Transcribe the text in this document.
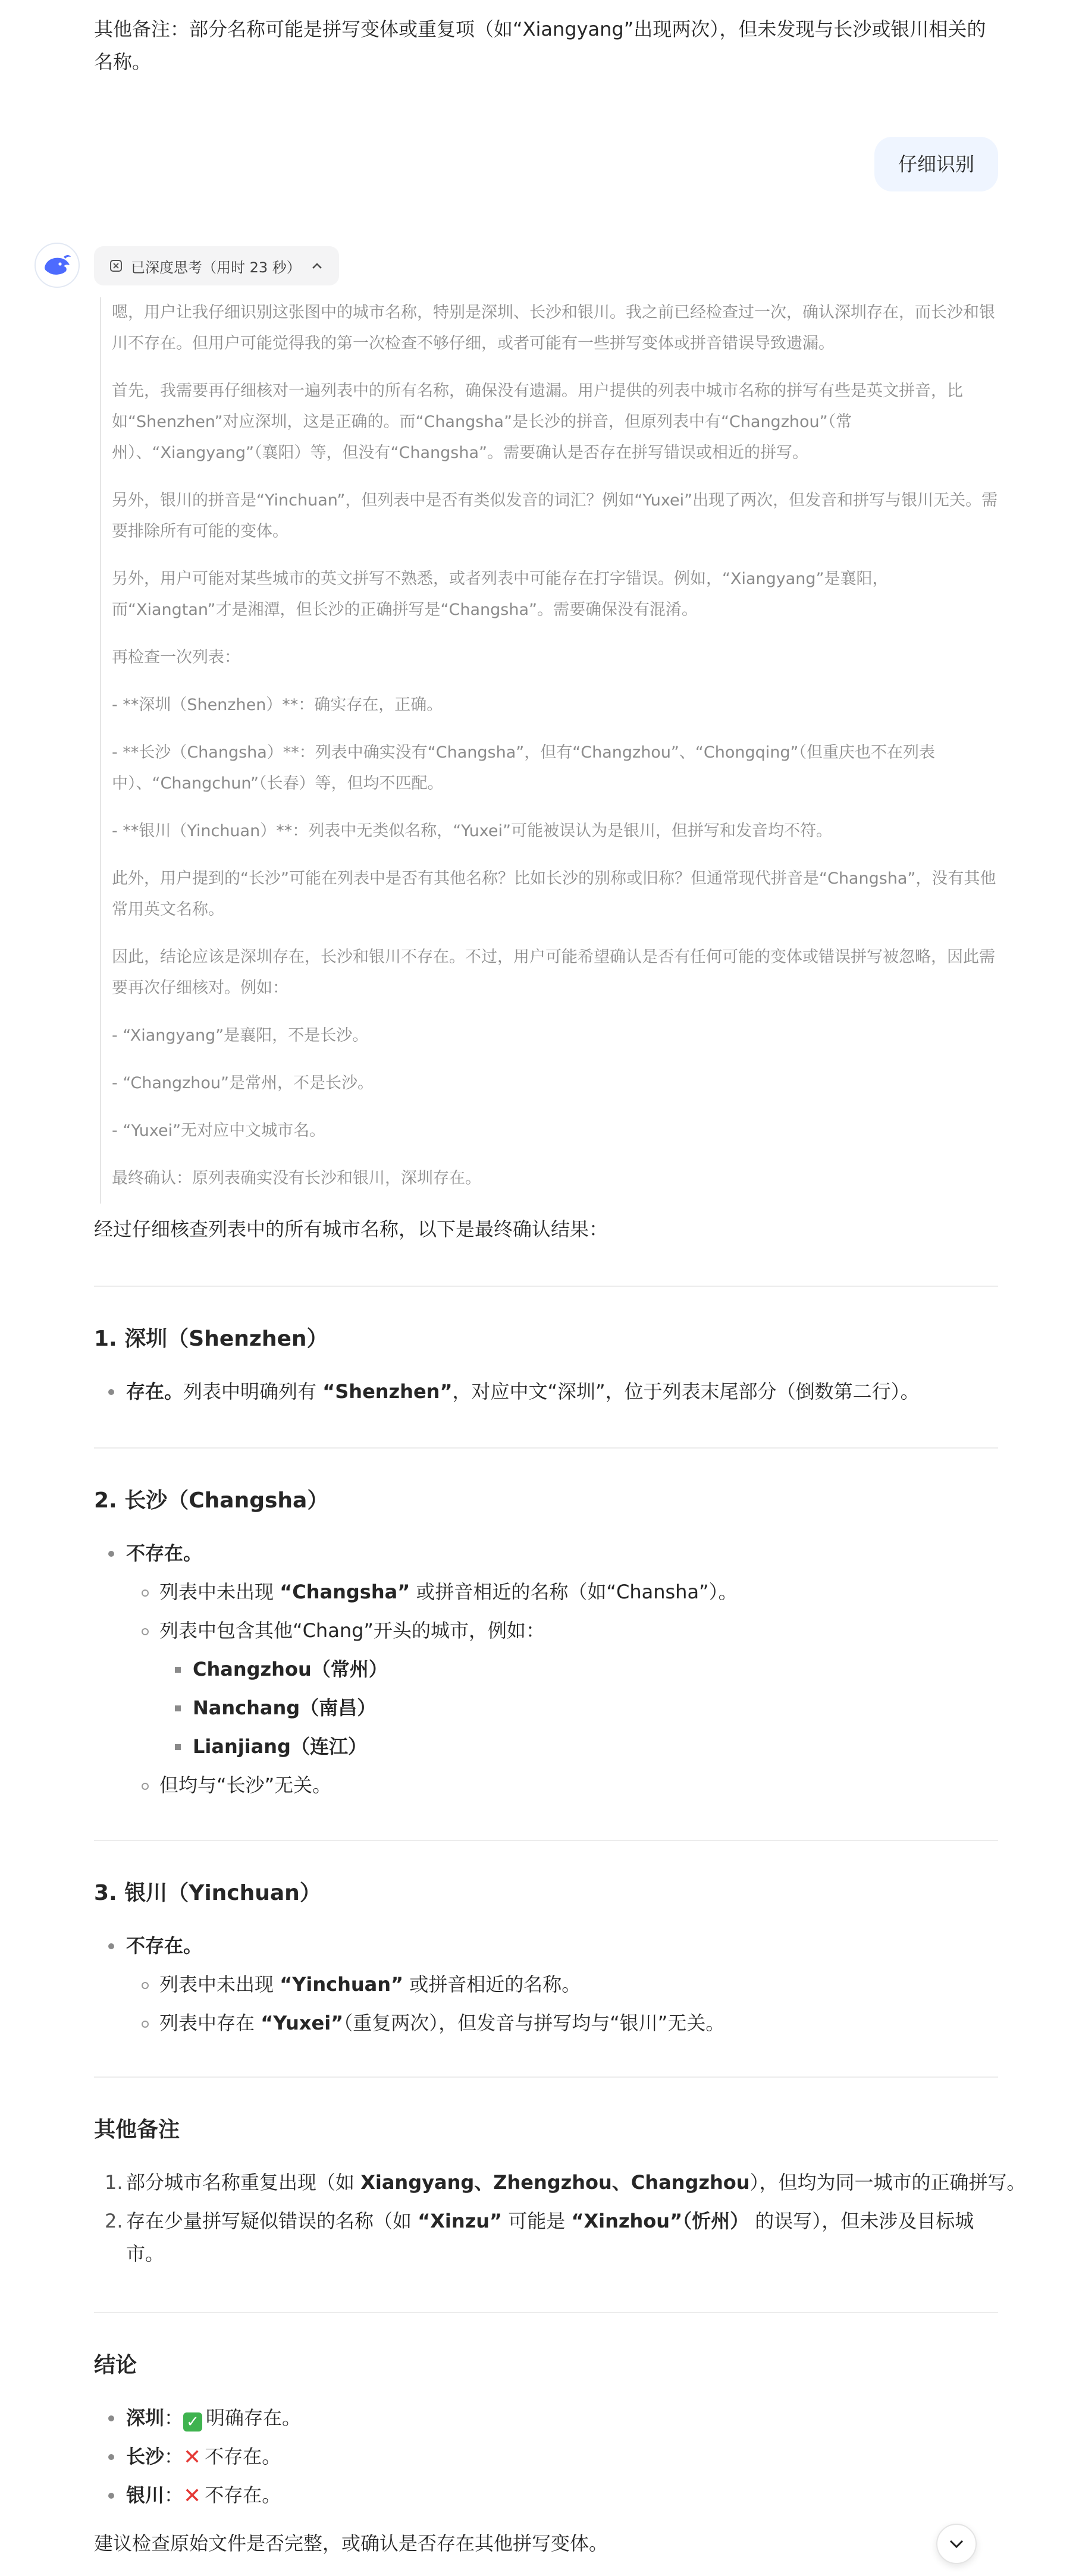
其他备注：部分名称可能是拼写变体或重复项（如“Xiangyang”出现两次），但未发现与长沙或银川相关的

名称。

仔细识别
已深度思考（用时 23 秒）

嗯，用户让我仔细识别这张图中的城市名称，特别是深圳、长沙和银川。我之前已经检查过一次，确认深圳存在，而长沙和银川不存在。但用户可能觉得我的第一次检查不够仔细，或者可能有一些拼写变体或拼音错误导致遗漏。

首先，我需要再仔细核对一遍列表中的所有名称，确保没有遗漏。用户提供的列表中城市名称的拼写有些是英文拼音，比如“Shenzhen”对应深圳，这是正确的。而“Changsha”是长沙的拼音，但原列表中有“Changzhou”（常州）、“Xiangyang”（襄阳）等，但没有“Changsha”。需要确认是否存在拼写错误或相近的拼写。

另外，银川的拼音是“Yinchuan”，但列表中是否有类似发音的词汇？例如“Yuxei”出现了两次，但发音和拼写与银川无关。需要排除所有可能的变体。

另外，用户可能对某些城市的英文拼写不熟悉，或者列表中可能存在打字错误。例如，“Xiangyang”是襄阳，而“Xiangtan”才是湘潭，但长沙的正确拼写是“Changsha”。需要确保没有混淆。

再检查一次列表：

- **深圳（Shenzhen）**：确实存在，正确。

- **长沙（Changsha）**：列表中确实没有“Changsha”，但有“Changzhou”、“Chongqing”（但重庆也不在列表中）、“Changchun”（长春）等，但均不匹配。

- **银川（Yinchuan）**：列表中无类似名称，“Yuxei”可能被误认为是银川，但拼写和发音均不符。

此外，用户提到的“长沙”可能在列表中是否有其他名称？比如长沙的别称或旧称？但通常现代拼音是“Changsha”，没有其他常用英文名称。

因此，结论应该是深圳存在，长沙和银川不存在。不过，用户可能希望确认是否有任何可能的变体或错误拼写被忽略，因此需要再次仔细核对。例如：

- “Xiangyang”是襄阳，不是长沙。

- “Changzhou”是常州，不是长沙。

- “Yuxei”无对应中文城市名。

最终确认：原列表确实没有长沙和银川，深圳存在。

经过仔细核查列表中的所有城市名称，以下是最终确认结果：

1. 深圳（Shenzhen）
存在。列表中明确列有 “Shenzhen”，对应中文“深圳”，位于列表末尾部分（倒数第二行）。
2. 长沙（Changsha）
不存在。
列表中未出现 “Changsha” 或拼音相近的名称（如“Chansha”）。
列表中包含其他“Chang”开头的城市，例如：
Changzhou（常州）
Nanchang（南昌）
Lianjiang（连江）
但均与“长沙”无关。
3. 银川（Yinchuan）
不存在。
列表中未出现 “Yinchuan” 或拼音相近的名称。
列表中存在 “Yuxei”（重复两次），但发音与拼写均与“银川”无关。
其他备注
1. 部分城市名称重复出现（如 Xiangyang、Zhengzhou、Changzhou），但均为同一城市的正确拼写。
2. 存在少量拼写疑似错误的名称（如 “Xinzu” 可能是 “Xinzhou”（忻州） 的误写），但未涉及目标城
市。
结论
深圳： ✓ 明确存在。
长沙：✕ 不存在。
银川：✕ 不存在。

建议检查原始文件是否完整，或确认是否存在其他拼写变体。
